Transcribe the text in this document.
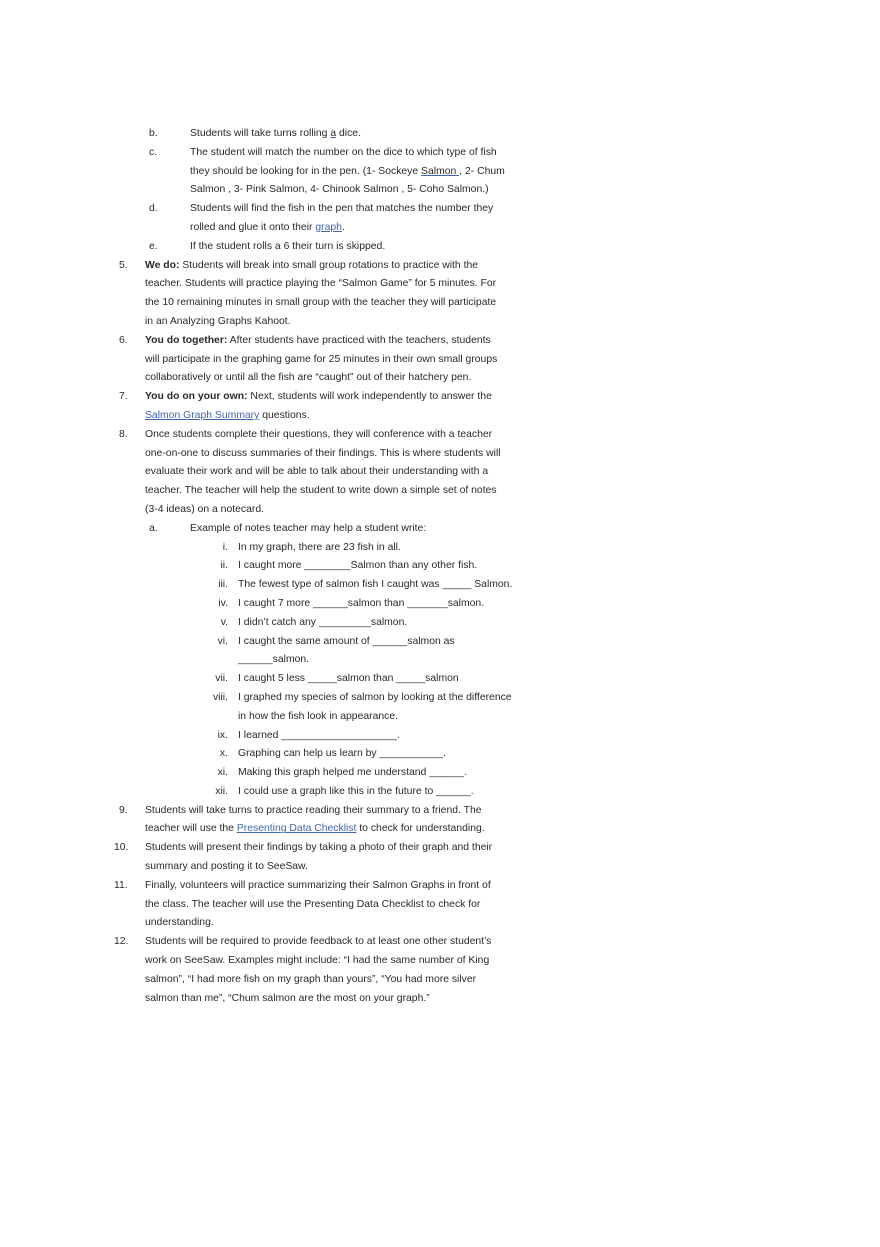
b.	Students will take turns rolling a dice.
c.	The student will match the number on the dice to which type of fish
they should be looking for in the pen. (1- Sockeye Salmon , 2- Chum
Salmon , 3- Pink Salmon, 4- Chinook Salmon , 5- Coho Salmon.)
d.	Students will find the fish in the pen that matches the number they
rolled and glue it onto their graph.
e.	If the student rolls a 6 their turn is skipped.
5. We do: Students will break into small group rotations to practice with the
teacher. Students will practice playing the “Salmon Game” for 5 minutes. For
the 10 remaining minutes in small group with the teacher they will participate
in an Analyzing Graphs Kahoot.
6. You do together: After students have practiced with the teachers, students
will participate in the graphing game for 25 minutes in their own small groups
collaboratively or until all the fish are “caught” out of their hatchery pen.
7. You do on your own: Next, students will work independently to answer the
Salmon Graph Summary questions.
8. Once students complete their questions, they will conference with a teacher
one-on-one to discuss summaries of their findings. This is where students will
evaluate their work and will be able to talk about their understanding with a
teacher. The teacher will help the student to write down a simple set of notes
(3-4 ideas) on a notecard.
a.	Example of notes teacher may help a student write:
i. In my graph, there are 23 fish in all.
ii. I caught more ________Salmon than any other fish.
iii. The fewest type of salmon fish I caught was _____ Salmon.
iv. I caught 7 more ______salmon than _______salmon.
v. I didn’t catch any _________salmon.
vi. I caught the same amount of ______salmon as
______salmon.
vii. I caught 5 less _____salmon than _____salmon
viii. I graphed my species of salmon by looking at the difference
in how the fish look in appearance.
ix. I learned ____________________.
x. Graphing can help us learn by ___________.
xi. Making this graph helped me understand ______.
xii. I could use a graph like this in the future to ______.
9. Students will take turns to practice reading their summary to a friend. The
teacher will use the Presenting Data Checklist to check for understanding.
10. Students will present their findings by taking a photo of their graph and their
summary and posting it to SeeSaw.
11. Finally, volunteers will practice summarizing their Salmon Graphs in front of
the class. The teacher will use the Presenting Data Checklist to check for
understanding.
12. Students will be required to provide feedback to at least one other student’s
work on SeeSaw. Examples might include: “I had the same number of King
salmon”, “I had more fish on my graph than yours”, “You had more silver
salmon than me”, “Chum salmon are the most on your graph.”
